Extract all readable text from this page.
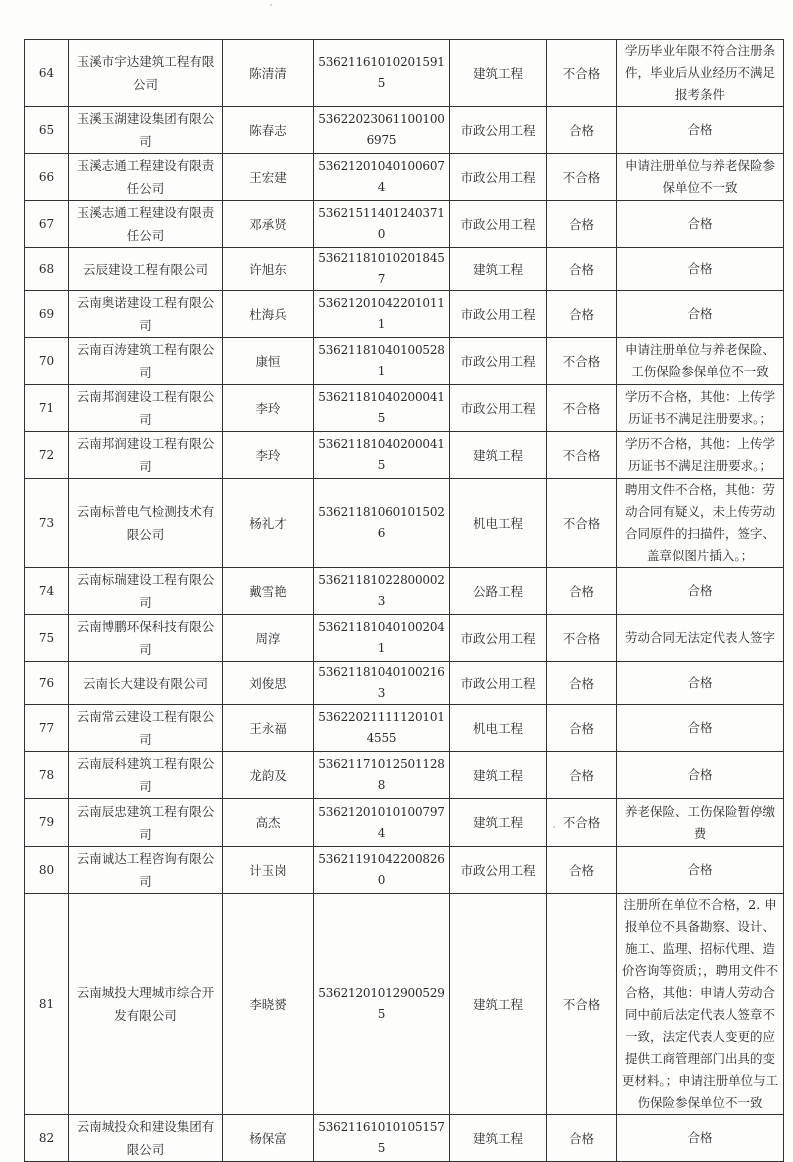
64	玉溪市宇达建筑工程有限公司	陈清清	536211610102015915	建筑工程	不合格	学历毕业年限不符合注册条件，毕业后从业经历不满足报考条件
65	玉溪玉湖建设集团有限公司	陈春志	536220230611001006975	市政公用工程	合格	合格
66	玉溪志通工程建设有限责任公司	王宏建	536212010401006074	市政公用工程	不合格	申请注册单位与养老保险参保单位不一致
67	玉溪志通工程建设有限责任公司	邓承贤	536215114012403710	市政公用工程	合格	合格
68	云辰建设工程有限公司	许旭东	536211810102018457	建筑工程	合格	合格
69	云南奥诺建设工程有限公司	杜海兵	536212010422010111	市政公用工程	合格	合格
70	云南百涛建筑工程有限公司	康恒	536211810401005281	市政公用工程	不合格	申请注册单位与养老保险、工伤保险参保单位不一致
71	云南邦润建设工程有限公司	李玲	536211810402000415	市政公用工程	不合格	学历不合格，其他：上传学历证书不满足注册要求。；
72	云南邦润建设工程有限公司	李玲	536211810402000415	建筑工程	不合格	学历不合格，其他：上传学历证书不满足注册要求。；
73	云南标普电气检测技术有限公司	杨礼才	536211810601015026	机电工程	不合格	聘用文件不合格，其他：劳动合同有疑义，未上传劳动合同原件的扫描件，签字、盖章似图片插入。；
74	云南标瑞建设工程有限公司	戴雪艳	536211810228000023	公路工程	合格	合格
75	云南博鹏环保科技有限公司	周淳	536211810401002041	市政公用工程	不合格	劳动合同无法定代表人签字
76	云南长大建设有限公司	刘俊思	536211810401002163	市政公用工程	合格	合格
77	云南常云建设工程有限公司	王永福	536220211111201014555	机电工程	合格	合格
78	云南辰科建筑工程有限公司	龙韵及	536211710125011288	建筑工程	合格	合格
79	云南辰忠建筑工程有限公司	高杰	536212010101007974	建筑工程	不合格	养老保险、工伤保险暂停缴费
80	云南诚达工程咨询有限公司	计玉岗	536211910422008260	市政公用工程	合格	合格
81	云南城投大理城市综合开发有限公司	李晓赟	536212010129005295	建筑工程	不合格	注册所在单位不合格，2. 申报单位不具备勘察、设计、施工、监理、招标代理、造价咨询等资质；，聘用文件不合格，其他：申请人劳动合同中前后法定代表人签章不一致，法定代表人变更的应提供工商管理部门出具的变更材料。；申请注册单位与工伤保险参保单位不一致
82	云南城投众和建设集团有限公司	杨保富	536211610101051575	建筑工程	合格	合格
